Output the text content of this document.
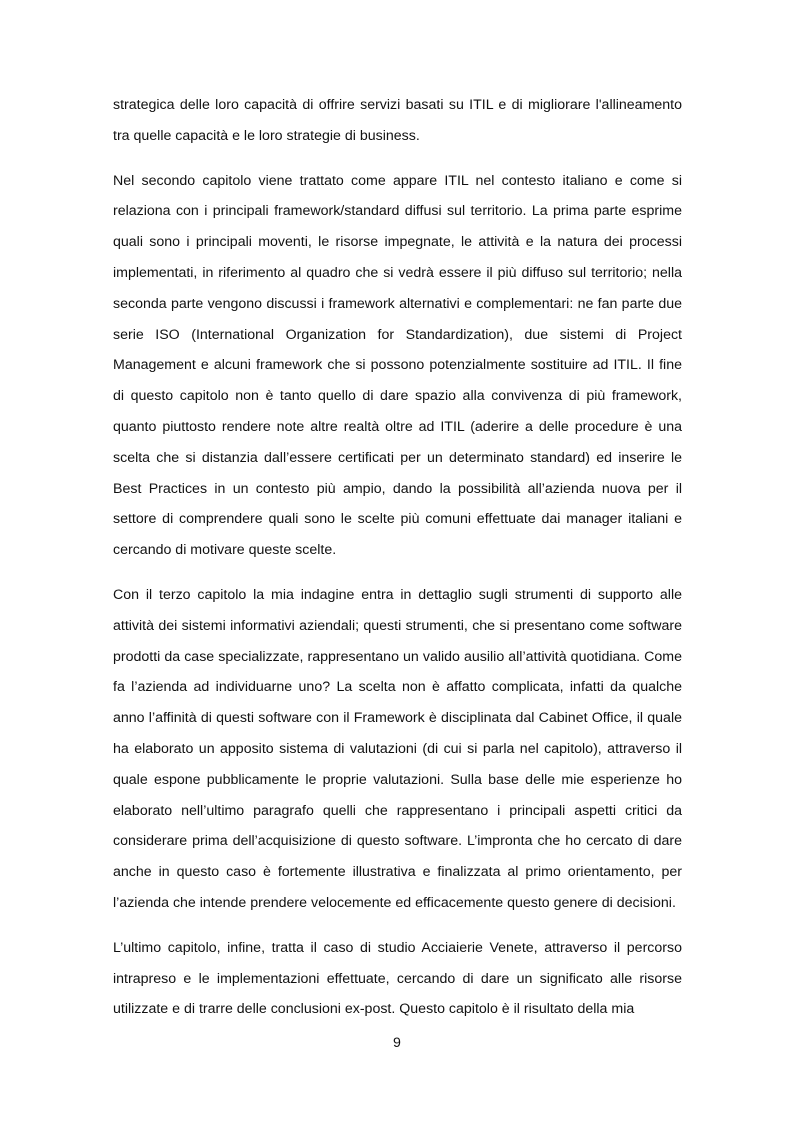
strategica delle loro capacità di offrire servizi basati su ITIL e di migliorare l'allineamento tra quelle capacità e le loro strategie di business.

Nel secondo capitolo viene trattato come appare ITIL nel contesto italiano e come si relaziona con i principali framework/standard diffusi sul territorio. La prima parte esprime quali sono i principali moventi, le risorse impegnate, le attività e la natura dei processi implementati, in riferimento al quadro che si vedrà essere il più diffuso sul territorio; nella seconda parte vengono discussi i framework alternativi e complementari: ne fan parte due serie ISO (International Organization for Standardization), due sistemi di Project Management e alcuni framework che si possono potenzialmente sostituire ad ITIL. Il fine di questo capitolo non è tanto quello di dare spazio alla convivenza di più framework, quanto piuttosto rendere note altre realtà oltre ad ITIL (aderire a delle procedure è una scelta che si distanzia dall’essere certificati per un determinato standard) ed inserire le Best Practices in un contesto più ampio, dando la possibilità all’azienda nuova per il settore di comprendere quali sono le scelte più comuni effettuate dai manager italiani e cercando di motivare queste scelte.

Con il terzo capitolo la mia indagine entra in dettaglio sugli strumenti di supporto alle attività dei sistemi informativi aziendali; questi strumenti, che si presentano come software prodotti da case specializzate, rappresentano un valido ausilio all’attività quotidiana. Come fa l’azienda ad individuarne uno? La scelta non è affatto complicata, infatti da qualche anno l’affinità di questi software con il Framework è disciplinata dal Cabinet Office, il quale ha elaborato un apposito sistema di valutazioni (di cui si parla nel capitolo), attraverso il quale espone pubblicamente le proprie valutazioni. Sulla base delle mie esperienze ho elaborato nell’ultimo paragrafo quelli che rappresentano i principali aspetti critici da considerare prima dell’acquisizione di questo software. L’impronta che ho cercato di dare anche in questo caso è fortemente illustrativa e finalizzata al primo orientamento, per l’azienda che intende prendere velocemente ed efficacemente questo genere di decisioni.

L’ultimo capitolo, infine, tratta il caso di studio Acciaierie Venete, attraverso il percorso intrapreso e le implementazioni effettuate, cercando di dare un significato alle risorse utilizzate e di trarre delle conclusioni ex-post. Questo capitolo è il risultato della mia

9
